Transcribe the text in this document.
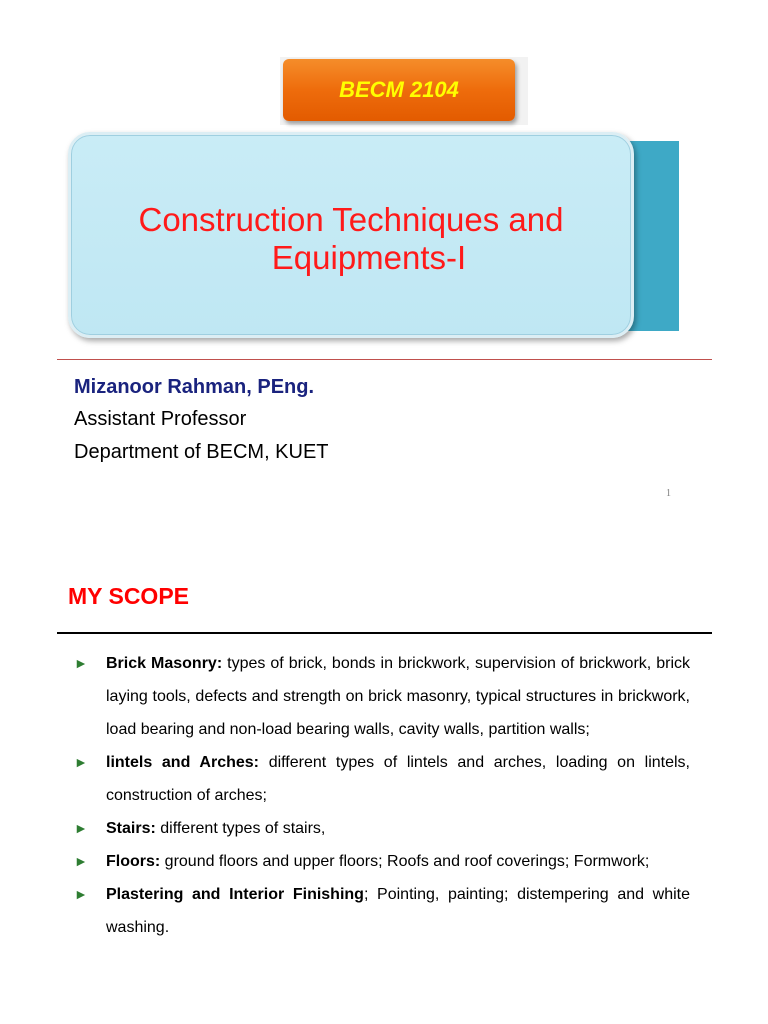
BECM 2104
Construction Techniques and
Equipments-I
Mizanoor Rahman, PEng.
Assistant Professor
Department of BECM, KUET
1
MY SCOPE
► Brick Masonry: types of brick, bonds in brickwork, supervision of brickwork, brick laying tools, defects and strength on brick masonry, typical structures in brickwork, load bearing and non-load bearing walls, cavity walls, partition walls;
► lintels and Arches: different types of lintels and arches, loading on lintels, construction of arches;
► Stairs: different types of stairs,
► Floors: ground floors and upper floors; Roofs and roof coverings; Formwork;
► Plastering and Interior Finishing; Pointing, painting; distempering and white washing.
